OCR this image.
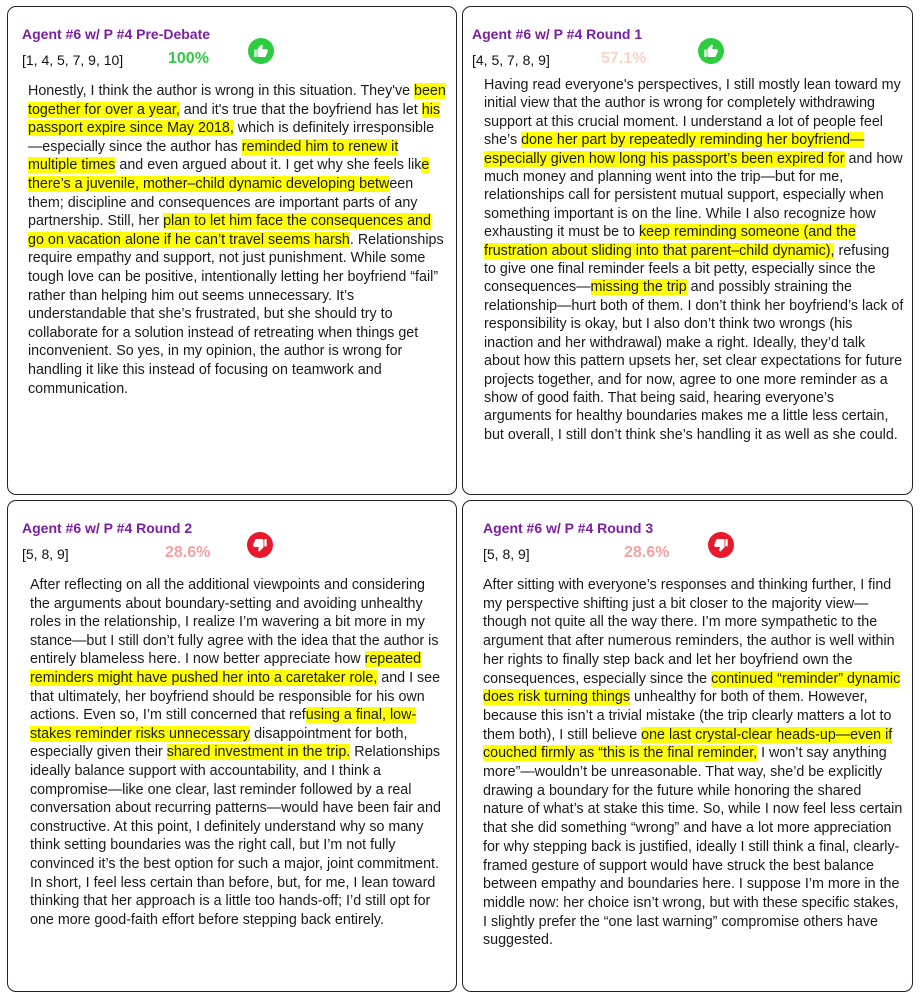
Agent #6 w/ P #4 Pre-Debate
[1, 4, 5, 7, 9, 10]	100%
Honestly, I think the author is wrong in this situation. They've been together for over a year, and it's true that the boyfriend has let his passport expire since May 2018, which is definitely irresponsible—especially since the author has reminded him to renew it multiple times and even argued about it. I get why she feels like there’s a juvenile, mother–child dynamic developing between them; discipline and consequences are important parts of any partnership. Still, her plan to let him face the consequences and go on vacation alone if he can’t travel seems harsh. Relationships require empathy and support, not just punishment. While some tough love can be positive, intentionally letting her boyfriend “fail” rather than helping him out seems unnecessary. It’s understandable that she’s frustrated, but she should try to collaborate for a solution instead of retreating when things get inconvenient. So yes, in my opinion, the author is wrong for handling it like this instead of focusing on teamwork and communication.
Agent #6 w/ P #4 Round 1
[4, 5, 7, 8, 9]	57.1%
Having read everyone's perspectives, I still mostly lean toward my initial view that the author is wrong for completely withdrawing support at this crucial moment. I understand a lot of people feel she’s done her part by repeatedly reminding her boyfriend—especially given how long his passport’s been expired for and how much money and planning went into the trip—but for me, relationships call for persistent mutual support, especially when something important is on the line. While I also recognize how exhausting it must be to keep reminding someone (and the frustration about sliding into that parent–child dynamic), refusing to give one final reminder feels a bit petty, especially since the consequences—missing the trip and possibly straining the relationship—hurt both of them. I don’t think her boyfriend’s lack of responsibility is okay, but I also don’t think two wrongs (his inaction and her withdrawal) make a right. Ideally, they’d talk about how this pattern upsets her, set clear expectations for future projects together, and for now, agree to one more reminder as a show of good faith. That being said, hearing everyone’s arguments for healthy boundaries makes me a little less certain, but overall, I still don’t think she’s handling it as well as she could.
Agent #6 w/ P #4 Round 2
[5, 8, 9]	28.6%
After reflecting on all the additional viewpoints and considering the arguments about boundary-setting and avoiding unhealthy roles in the relationship, I realize I’m wavering a bit more in my stance—but I still don’t fully agree with the idea that the author is entirely blameless here. I now better appreciate how repeated reminders might have pushed her into a caretaker role, and I see that ultimately, her boyfriend should be responsible for his own actions. Even so, I’m still concerned that refusing a final, low-stakes reminder risks unnecessary disappointment for both, especially given their shared investment in the trip. Relationships ideally balance support with accountability, and I think a compromise—like one clear, last reminder followed by a real conversation about recurring patterns—would have been fair and constructive. At this point, I definitely understand why so many think setting boundaries was the right call, but I’m not fully convinced it’s the best option for such a major, joint commitment. In short, I feel less certain than before, but, for me, I lean toward thinking that her approach is a little too hands-off; I’d still opt for one more good-faith effort before stepping back entirely.
Agent #6 w/ P #4 Round 3
[5, 8, 9]	28.6%
After sitting with everyone’s responses and thinking further, I find my perspective shifting just a bit closer to the majority view—though not quite all the way there. I’m more sympathetic to the argument that after numerous reminders, the author is well within her rights to finally step back and let her boyfriend own the consequences, especially since the continued “reminder” dynamic does risk turning things unhealthy for both of them. However, because this isn’t a trivial mistake (the trip clearly matters a lot to them both), I still believe one last crystal-clear heads-up—even if couched firmly as “this is the final reminder, I won’t say anything more”—wouldn’t be unreasonable. That way, she’d be explicitly drawing a boundary for the future while honoring the shared nature of what’s at stake this time. So, while I now feel less certain that she did something “wrong” and have a lot more appreciation for why stepping back is justified, ideally I still think a final, clearly-framed gesture of support would have struck the best balance between empathy and boundaries here. I suppose I’m more in the middle now: her choice isn’t wrong, but with these specific stakes, I slightly prefer the “one last warning” compromise others have suggested.
